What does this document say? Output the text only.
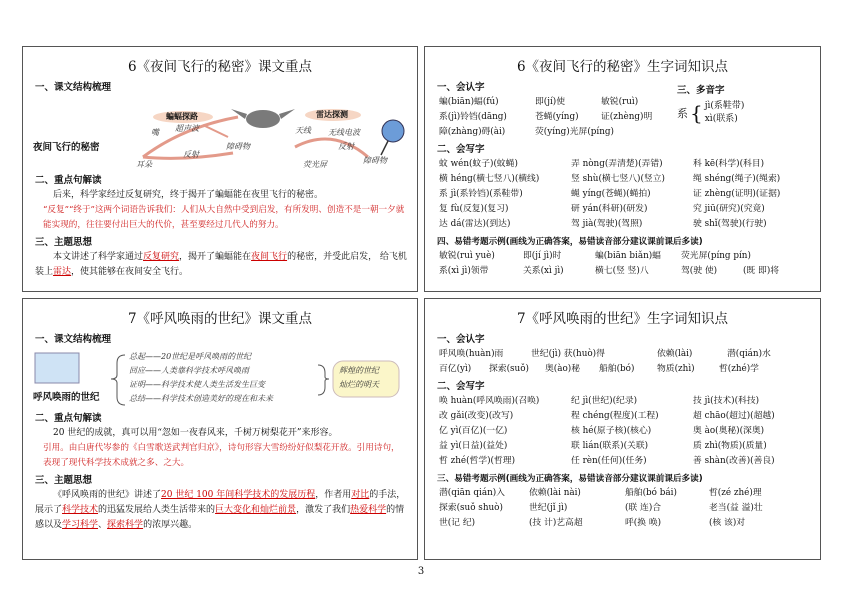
6《夜间飞行的秘密》课文重点
一、课文结构梳理
夜间飞行的秘密
蝙蝠探路	雷达探测
嘴 超声波
耳朵
反射
障碍物
天线 无线电波
荧光屏
反射
障碍物
二、重点句解读
后来，科学家经过反复研究，终于揭开了蝙蝠能在夜里飞行的秘密。
“反复”“终于”这两个词语告诉我们：人们从大自然中受到启发，有所发明、创造不是一朝一夕就能实现的，往往要付出巨大的代价，甚至要经过几代人的努力。
三、主题思想
本文讲述了科学家通过反复研究，揭开了蝙蝠能在夜间飞行的秘密，并受此启发， 给飞机装上雷达，使其能够在夜间安全飞行。
6《夜间飞行的秘密》生字词知识点
一、会认字
蝙(biān)蝠(fú)	即(jí)使	敏锐(ruì)
系(jì)铃铛(dāng)	苍蝇(yíng)	证(zhèng)明
障(zhàng)碍(ài)	荧(yíng)光屏(píng)
三、多音字
系 { jì(系鞋带)
xì(联系)
二、会写字
蚊 wén(蚊子)(蚊蝇)	弄 nòng(弄清楚)(弄错)	科 kē(科学)(科目)
横 héng(横七竖八)(横线)	竖 shù(横七竖八)(竖立)	绳 shéng(绳子)(绳索)
系 jì(系铃铛)(系鞋带)	蝇 yíng(苍蝇)(蝇拍)	证 zhèng(证明)(证据)
复 fù(反复)(复习)	研 yán(科研)(研发)	究 jiū(研究)(究竟)
达 dá(雷达)(到达)	驾 jià(驾驶)(驾照)	驶 shǐ(驾驶)(行驶)
四、易错考题示例(画线为正确答案，易错读音部分建议课前课后多读)
敏锐(ruì yuè)	即(jí jì)时	蝙(biān biǎn)蝠	荧光屏(píng pín)
系(xì jì)领带	关系(xì jì)	横七(竖 竖)八	驾(驶 使)	(既 即)将
7《呼风唤雨的世纪》课文重点
一、课文结构梳理
呼风唤雨的世纪
总起——20世纪是呼风唤雨的世纪
回应——人类靠科学技术呼风唤雨
证明——科学技术使人类生活发生巨变
总结——科学技术创造美好的现在和未来
辉煌的世纪
灿烂的明天
二、重点句解读
20 世纪的成就，真可以用“忽如一夜春风来，千树万树梨花开”来形容。
引用。由白唐代岑参的《白雪歌送武判官归京》，诗句形容大雪纷纷好似梨花开放。引用诗句，表现了现代科学技术成就之多、之大。
三、主题思想
《呼风唤雨的世纪》讲述了20 世纪 100 年间科学技术的发展历程，作者用对比的手法，展示了科学技术的迅猛发展给人类生活带来的巨大变化和灿烂前景，激发了我们热爱科学的情感以及学习科学、探索科学的浓厚兴趣。
7《呼风唤雨的世纪》生字词知识点
一、会认字
呼风唤(huàn)雨	世纪(jì) 获(huò)得	依赖(lài)	潜(qián)水
百亿(yì)	探索(suǒ)	奥(ào)秘	船舶(bó)	物质(zhì)	哲(zhé)学
二、会写字
唤 huàn(呼风唤雨)(召唤)	纪 jì(世纪)(纪录)	技 jì(技术)(科技)
改 gǎi(改变)(改写)	程 chéng(程度)(工程)	超 chāo(超过)(超越)
亿 yì(百亿)(一亿)	核 hé(原子核)(核心)	奥 ào(奥秘)(深奥)
益 yì(日益)(益处)	联 lián(联系)(关联)	质 zhì(物质)(质量)
哲 zhé(哲学)(哲理)	任 rèn(任何)(任务)	善 shàn(改善)(善良)
三、易错考题示例(画线为正确答案，易错读音部分建议课前课后多读)
潜(qiān qián)入	依赖(lài nài)	船舶(bó bái)	哲(zé zhé)理
探索(suǒ shuò)	世纪(jǐ jì)	(联 连)合	老当(益 溢)壮
世(记 纪)	(技 计)艺高超	呼(换 唤)	(核 该)对
3
